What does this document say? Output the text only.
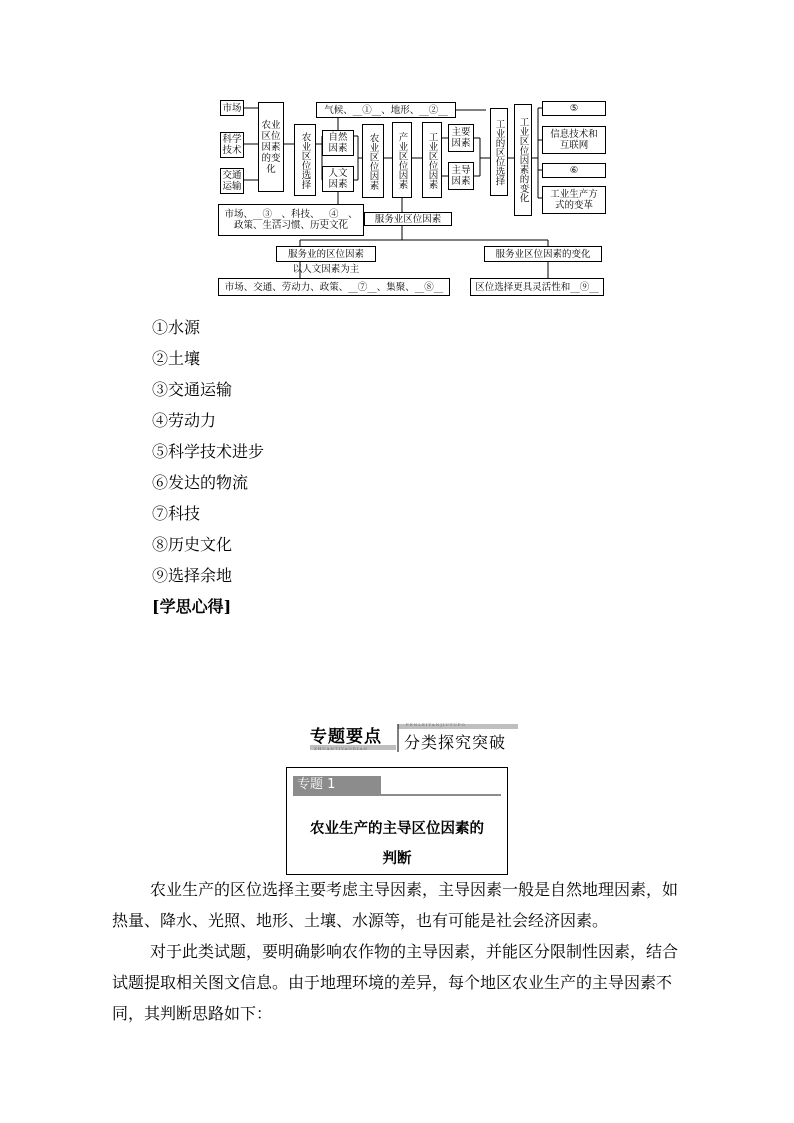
市场
科学技术
交通运输
农业区位因素的变化	农业区位选择 自然因素
人文因素
气候、__①__、地形、__②__
市场、__③__、科技、__④__、
政策、生活习惯、历史文化
农业区位因素 产业区位因素 工业区位因素 主要因素
主导因素 工业的区位选择 工业区位因素的变化
⑤
信息技术和互联网
⑥
工业生产方式的变革
服务业区位因素
服务业的区位因素
以人文因素为主
市场、交通、劳动力、政策、__⑦__、集聚、__⑧__
服务业区位因素的变化
区位选择更具灵活性和__⑨__
①水源
②土壤
③交通运输
④劳动力
⑤科学技术进步
⑥发达的物流
⑦科技
⑧历史文化
⑨选择余地
[学思心得]
专题要点
FENLEITANJIUTUPO
ZHUANTIYAODIAN 分类探究突破
专题 1
农业生产的主导区位因素的
判断
农业生产的区位选择主要考虑主导因素，主导因素一般是自然地理因素，如热量、降水、光照、地形、土壤、水源等，也有可能是社会经济因素。
对于此类试题，要明确影响农作物的主导因素，并能区分限制性因素，结合试题提取相关图文信息。由于地理环境的差异，每个地区农业生产的主导因素不同，其判断思路如下：
